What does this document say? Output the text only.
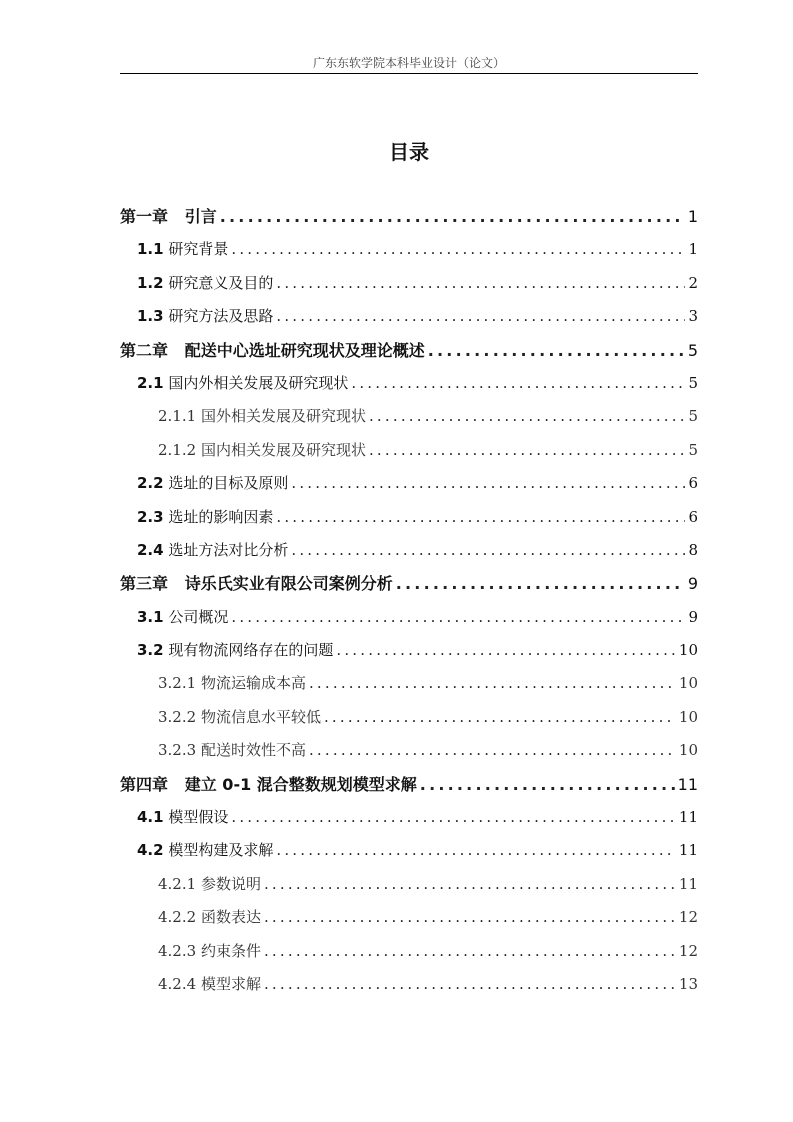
广东东软学院本科毕业设计（论文）
目录
第一章 引言 .....	1
1.1 研究背景 .....	1
1.2 研究意义及目的 .....	2
1.3 研究方法及思路 .....	3
第二章 配送中心选址研究现状及理论概述 .....	5
2.1 国内外相关发展及研究现状 .....	5
2.1.1 国外相关发展及研究现状 .....	5
2.1.2 国内相关发展及研究现状 .....	5
2.2 选址的目标及原则 .....	6
2.3 选址的影响因素 .....	6
2.4 选址方法对比分析 .....	8
第三章 诗乐氏实业有限公司案例分析 .....	9
3.1 公司概况 .....	9
3.2 现有物流网络存在的问题 .....	10
3.2.1 物流运输成本高 .....	10
3.2.2 物流信息水平较低 .....	10
3.2.3 配送时效性不高 .....	10
第四章 建立 0-1 混合整数规划模型求解 .....	11
4.1 模型假设 .....	11
4.2 模型构建及求解 .....	11
4.2.1 参数说明 .....	11
4.2.2 函数表达 .....	12
4.2.3 约束条件 .....	12
4.2.4 模型求解 .....	13
